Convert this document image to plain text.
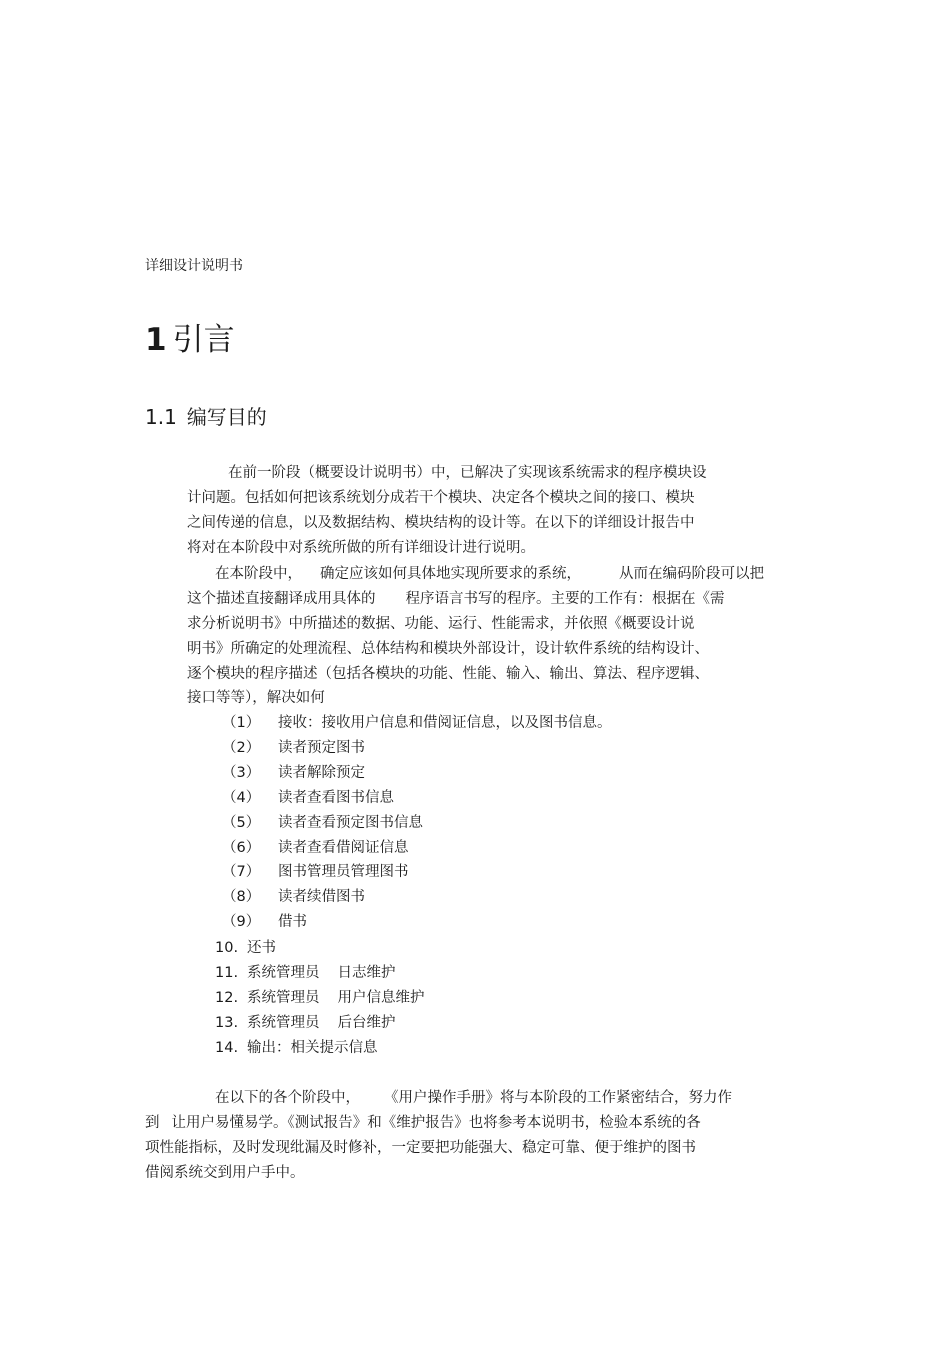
详细设计说明书
1 引言
1.1 编写目的
在前一阶段（概要设计说明书）中，已解决了实现该系统需求的程序模块设
计问题。包括如何把该系统划分成若干个模块、决定各个模块之间的接口、模块
之间传递的信息，以及数据结构、模块结构的设计等。在以下的详细设计报告中
将对在本阶段中对系统所做的所有详细设计进行说明。
在本阶段中， 确定应该如何具体地实现所要求的系统，	从而在编码阶段可以把
这个描述直接翻译成用具体的 程序语言书写的程序。主要的工作有：根据在《需
求分析说明书》中所描述的数据、功能、运行、性能需求，并依照《概要设计说
明书》所确定的处理流程、总体结构和模块外部设计，设计软件系统的结构设计、
逐个模块的程序描述（包括各模块的功能、性能、输入、输出、算法、程序逻辑、
接口等等），解决如何
（1） 接收：接收用户信息和借阅证信息，以及图书信息。
（2） 读者预定图书
（3） 读者解除预定
（4） 读者查看图书信息
（5） 读者查看预定图书信息
（6） 读者查看借阅证信息
（7） 图书管理员管理图书
（8） 读者续借图书
（9） 借书
10. 还书
11. 系统管理员 日志维护
12. 系统管理员 用户信息维护
13. 系统管理员 后台维护
14. 输出：相关提示信息
在以下的各个阶段中， 《用户操作手册》将与本阶段的工作紧密结合，努力作
到 让用户易懂易学。《测试报告》和《维护报告》也将参考本说明书，检验本系统的各
项性能指标，及时发现纰漏及时修补，一定要把功能强大、稳定可靠、便于维护的图书
借阅系统交到用户手中。
